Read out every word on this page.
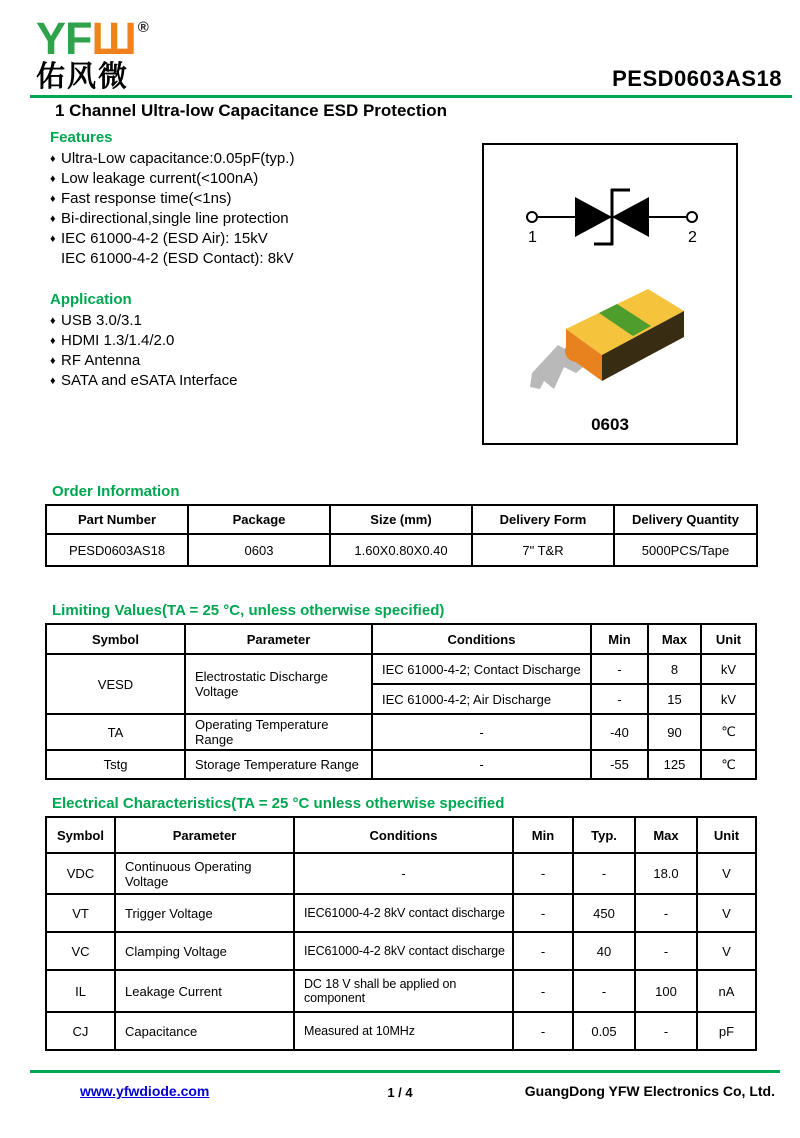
YFШ ®
佑风微	PESD0603AS18
1 Channel Ultra-low Capacitance ESD Protection
Features
♦ Ultra-Low capacitance:0.05pF(typ.)
♦ Low leakage current(<100nA)
♦ Fast response time(<1ns)
♦ Bi-directional,single line protection
♦ IEC 61000-4-2 (ESD Air): 15kV
IEC 61000-4-2 (ESD Contact): 8kV
Application
♦ USB 3.0/3.1
♦ HDMI 1.3/1.4/2.0
♦ RF Antenna
♦ SATA and eSATA Interface
1	2
0603
Order Information
Part Number	Package	Size (mm)	Delivery Form	Delivery Quantity
PESD0603AS18	0603	1.60X0.80X0.40	7" T&R	5000PCS/Tape
Limiting Values(TA = 25 °C, unless otherwise specified)
Symbol	Parameter	Conditions	Min	Max	Unit
VESD	Electrostatic Discharge Voltage	IEC 61000-4-2; Contact Discharge	-	8	kV
		IEC 61000-4-2; Air Discharge	-	15	kV
TA	Operating Temperature Range	-	-40	90	℃
Tstg	Storage Temperature Range	-	-55	125	℃
Electrical Characteristics(TA = 25 °C unless otherwise specified
Symbol	Parameter	Conditions	Min	Typ.	Max	Unit
VDC	Continuous Operating Voltage	-	-	-	18.0	V
VT	Trigger Voltage	IEC61000-4-2 8kV contact discharge	-	450	-	V
VC	Clamping Voltage	IEC61000-4-2 8kV contact discharge	-	40	-	V
IL	Leakage Current	DC 18 V shall be applied on component	-	-	100	nA
CJ	Capacitance	Measured at 10MHz	-	0.05	-	pF
www.yfwdiode.com	1 / 4	GuangDong YFW Electronics Co, Ltd.
